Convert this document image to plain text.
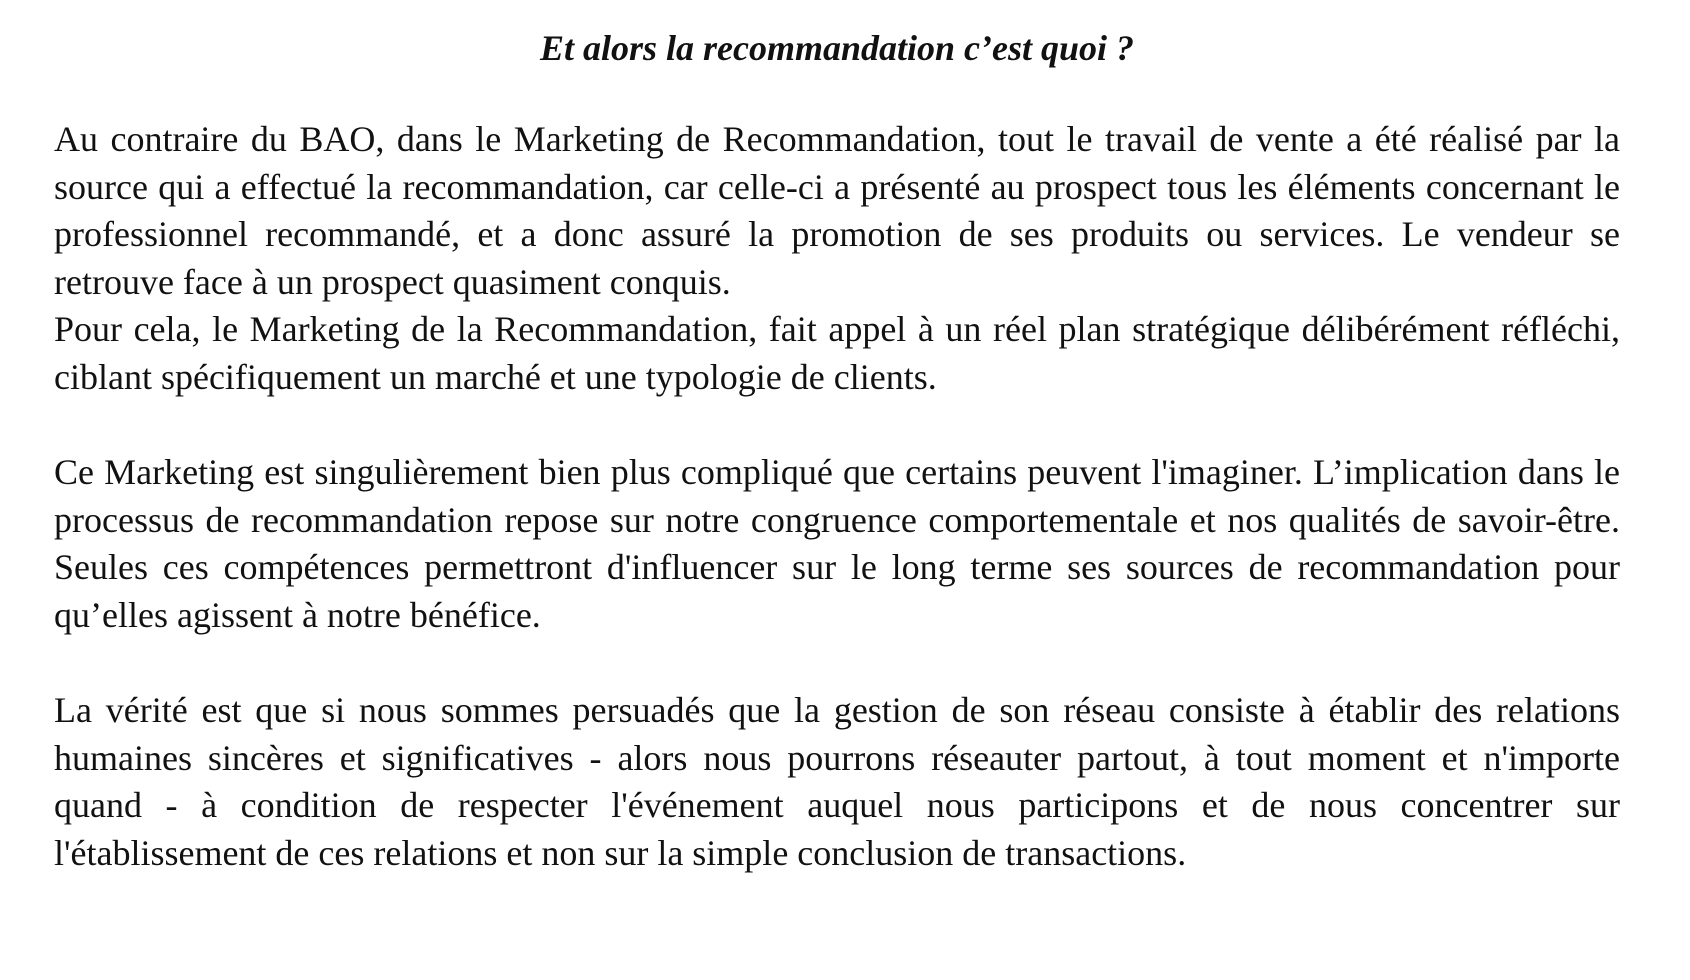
Et alors la recommandation c’est quoi ?

Au contraire du BAO, dans le Marketing de Recommandation, tout le travail de vente a été réalisé par la source qui a effectué la recommandation, car celle-ci a présenté au prospect tous les éléments concernant le professionnel recommandé, et a donc assuré la promotion de ses produits ou services. Le vendeur se retrouve face à un prospect quasiment conquis.

Pour cela, le Marketing de la Recommandation, fait appel à un réel plan stratégique délibérément réfléchi, ciblant spécifiquement un marché et une typologie de clients.

Ce Marketing est singulièrement bien plus compliqué que certains peuvent l'imaginer. L’implication dans le processus de recommandation repose sur notre congruence comportementale et nos qualités de savoir-être. Seules ces compétences permettront d'influencer sur le long terme ses sources de recommandation pour qu’elles agissent à notre bénéfice.

La vérité est que si nous sommes persuadés que la gestion de son réseau consiste à établir des relations humaines sincères et significatives - alors nous pourrons réseauter partout, à tout moment et n'importe quand - à condition de respecter l'événement auquel nous participons et de nous concentrer sur l'établissement de ces relations et non sur la simple conclusion de transactions.
